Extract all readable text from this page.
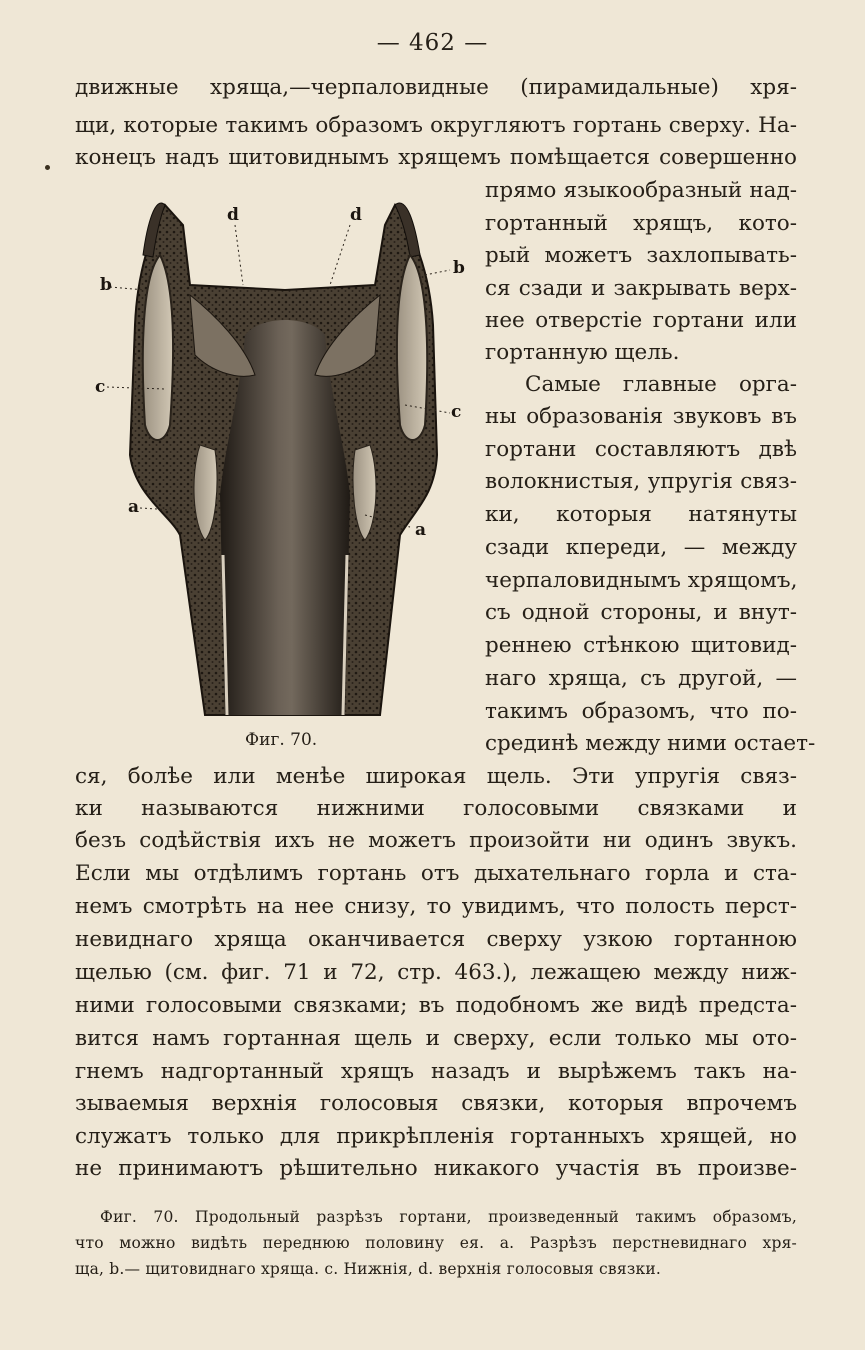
— 462 —
движные хряща,—черпаловидные (пирамидальные) хря-
щи, которые такимъ образомъ округляютъ гортань сверху. На-
конецъ надъ щитовиднымъ хрящемъ помѣщается совершенно
прямо языкообразный над-
гортанный хрящъ, кото-
рый можетъ захлопывать-
ся сзади и закрывать верх-
нее отверстіе гортани или
гортанную щель.
Самые главные орга-
ны образованія звуковъ въ
гортани составляютъ двѣ
волокнистыя, упругія связ-
ки, которыя натянуты
сзади кпереди, — между
черпаловиднымъ хрящомъ,
съ одной стороны, и внут-
реннею стѣнкою щитовид-
наго хряща, съ другой, —
такимъ образомъ, что по-
срединѣ между ними остает-
d	d
b
b
c
c
a
a
Фиг. 70.
ся, болѣе или менѣе широкая щель. Эти упругія связ-
ки называются нижними голосовыми связками и
безъ содѣйствія ихъ не можетъ произойти ни одинъ звукъ.
Если мы отдѣлимъ гортань отъ дыхательнаго горла и ста-
немъ смотрѣть на нее снизу, то увидимъ, что полость перст-
невиднаго хряща оканчивается сверху узкою гортанною
щелью (см. фиг. 71 и 72, стр. 463.), лежащею между ниж-
ними голосовыми связками; въ подобномъ же видѣ предста-
вится намъ гортанная щель и сверху, если только мы ото-
гнемъ надгортанный хрящъ назадъ и вырѣжемъ такъ на-
зываемыя верхнія голосовыя связки, которыя впрочемъ
служатъ только для прикрѣпленія гортанныхъ хрящей, но
не принимаютъ рѣшительно никакого участія въ произве-
Фиг. 70. Продольный разрѣзъ гортани, произведенный такимъ образомъ,
что можно видѣть переднюю половину ея. a. Разрѣзъ перстневиднаго хря-
ща, b.— щитовиднаго хряща. c. Нижнія, d. верхнія голосовыя связки.
